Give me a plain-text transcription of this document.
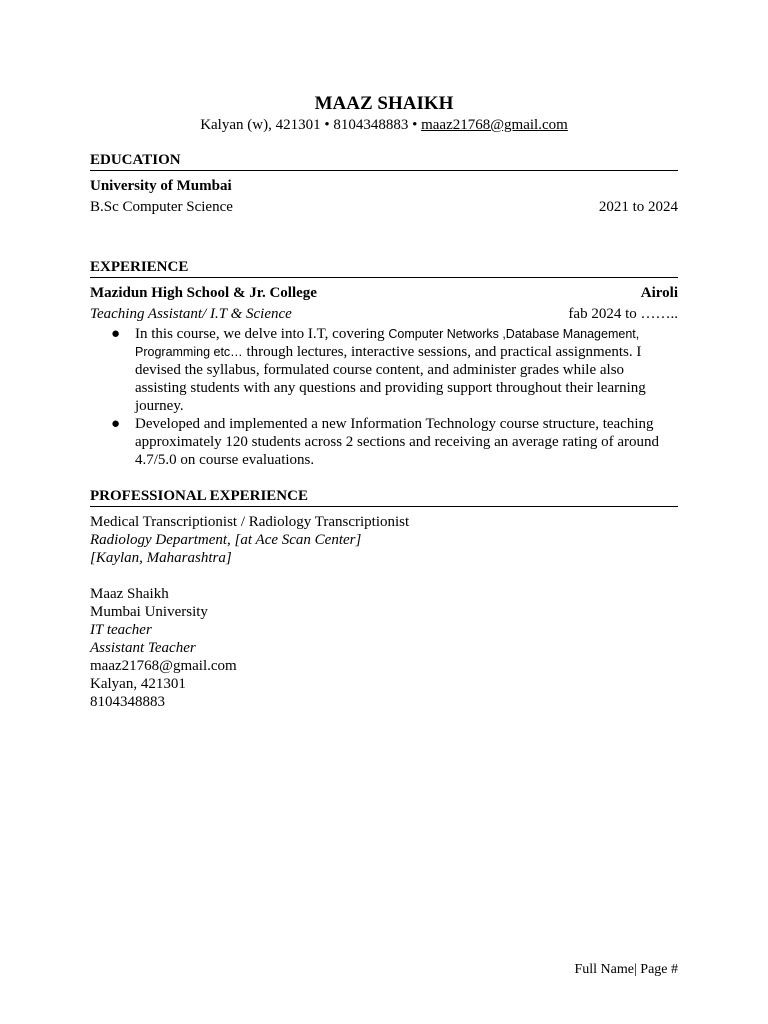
MAAZ SHAIKH
Kalyan (w), 421301 • 8104348883 • maaz21768@gmail.com
EDUCATION
University of Mumbai
B.Sc Computer Science	2021 to 2024
EXPERIENCE
Mazidun High School & Jr. College	Airoli
Teaching Assistant/ I.T & Science	fab 2024 to ……..
● In this course, we delve into I.T, covering Computer Networks ,Database Management, Programming etc… through lectures, interactive sessions, and practical assignments. I devised the syllabus, formulated course content, and administer grades while also assisting students with any questions and providing support throughout their learning journey.
● Developed and implemented a new Information Technology course structure, teaching approximately 120 students across 2 sections and receiving an average rating of around 4.7/5.0 on course evaluations.
PROFESSIONAL EXPERIENCE
Medical Transcriptionist / Radiology Transcriptionist
Radiology Department, [at Ace Scan Center]
[Kaylan, Maharashtra]
Maaz Shaikh
Mumbai University
IT teacher
Assistant Teacher
maaz21768@gmail.com
Kalyan, 421301
8104348883
Full Name| Page #
